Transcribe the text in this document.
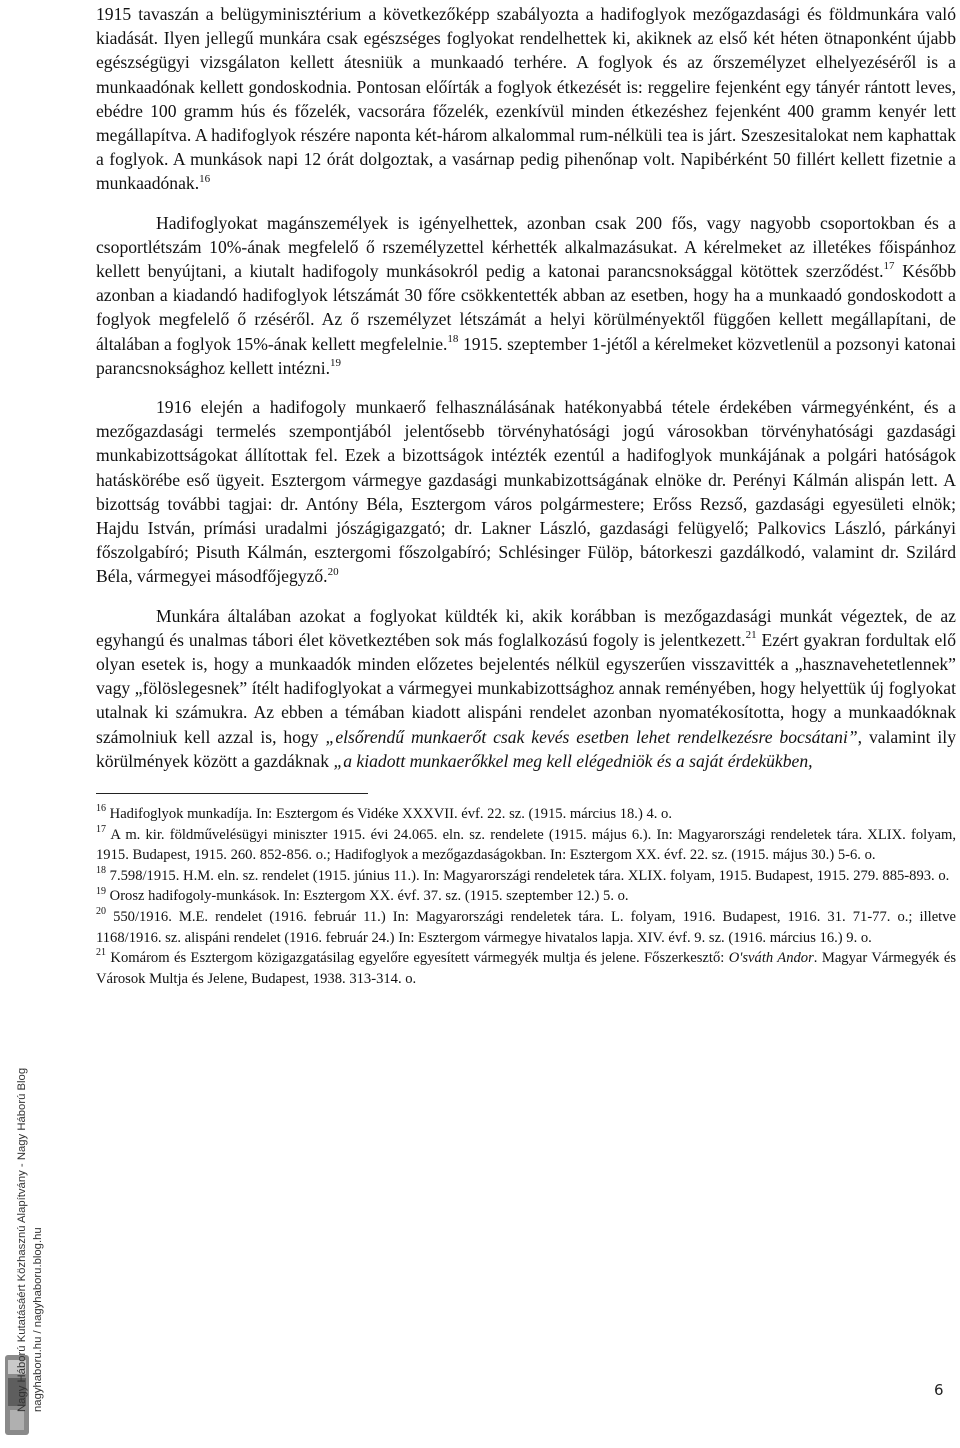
Nagy Háború Kutatásáért Közhasznú Alapítvány - Nagy Háború Blog nagyhaboru.hu / nagyhaboru.blog.hu

1915 tavaszán a belügyminisztérium a következőképp szabályozta a hadifoglyok mezőgazdasági és földmunkára való kiadását. Ilyen jellegű munkára csak egészséges foglyokat rendelhettek ki, akiknek az első két héten ötnaponként újabb egészségügyi vizsgálaton kellett átesniük a munkaadó terhére. A foglyok és az őrszemélyzet elhelyezéséről is a munkaadónak kellett gondoskodnia. Pontosan előírták a foglyok étkezését is: reggelire fejenként egy tányér rántott leves, ebédre 100 gramm hús és főzelék, vacsorára főzelék, ezenkívül minden étkezéshez fejenként 400 gramm kenyér lett megállapítva. A hadifoglyok részére naponta két-három alkalommal rum-nélküli tea is járt. Szeszesitalokat nem kaphattak a foglyok. A munkások napi 12 órát dolgoztak, a vasárnap pedig pihenőnap volt. Napibérként 50 fillért kellett fizetnie a munkaadónak.$^{16}$

Hadifoglyokat magánszemélyek is igényelhettek, azonban csak 200 fős, vagy nagyobb csoportokban és a csoportlétszám 10%-ának megfelelő ő rszemélyzettel kérhették alkalmazásukat. A kérelmeket az illetékes főispánhoz kellett benyújtani, a kiutalt hadifogoly munkásokról pedig a katonai parancsnoksággal kötöttek szerződést.$^{17}$ Később azonban a kiadandó hadifoglyok létszámát 30 főre csökkentették abban az esetben, hogy ha a munkaadó gondoskodott a foglyok megfelelő ő rzéséről. Az ő rszemélyzet létszámát a helyi körülményektől függően kellett megállapítani, de általában a foglyok 15%-ának kellett megfelelnie.$^{18}$ 1915. szeptember 1-jétől a kérelmeket közvetlenül a pozsonyi katonai parancsnoksághoz kellett intézni.$^{19}$

1916 elején a hadifogoly munkaerő felhasználásának hatékonyabbá tétele érdekében vármegyénként, és a mezőgazdasági termelés szempontjából jelentősebb törvényhatósági jogú városokban törvényhatósági gazdasági munkabizottságokat állítottak fel. Ezek a bizottságok intézték ezentúl a hadifoglyok munkájának a polgári hatóságok hatáskörébe eső ügyeit. Esztergom vármegye gazdasági munkabizottságának elnöke dr. Perényi Kálmán alispán lett. A bizottság további tagjai: dr. Antóny Béla, Esztergom város polgármestere; Erőss Rezső, gazdasági egyesületi elnök; Hajdu István, prímási uradalmi jószágigazgató; dr. Lakner László, gazdasági felügyelő; Palkovics László, párkányi főszolgabíró; Pisuth Kálmán, esztergomi főszolgabíró; Schlésinger Fülöp, bátorkeszi gazdálkodó, valamint dr. Szilárd Béla, vármegyei másodfőjegyző.$^{20}$

Munkára általában azokat a foglyokat küldték ki, akik korábban is mezőgazdasági munkát végeztek, de az egyhangú és unalmas tábori élet következtében sok más foglalkozású fogoly is jelentkezett.$^{21}$ Ezért gyakran fordultak elő olyan esetek is, hogy a munkaadók minden előzetes bejelentés nélkül egyszerűen visszavitték a „hasznavehetetlennek” vagy „fölöslegesnek” ítélt hadifoglyokat a vármegyei munkabizottsághoz annak reményében, hogy helyettük új foglyokat utalnak ki számukra. Az ebben a témában kiadott alispáni rendelet azonban nyomatékosította, hogy a munkaadóknak számolniuk kell azzal is, hogy „elsőrendű munkaerőt csak kevés esetben lehet rendelkezésre bocsátani”, valamint ily körülmények között a gazdáknak „a kiadott munkaerőkkel meg kell elégedniök és a saját érdekükben,

$^{16}$ Hadifoglyok munkadíja. In: Esztergom és Vidéke XXXVII. évf. 22. sz. (1915. március 18.) 4. o.

$^{17}$ A m. kir. földművelésügyi miniszter 1915. évi 24.065. eln. sz. rendelete (1915. május 6.). In: Magyarországi rendeletek tára. XLIX. folyam, 1915. Budapest, 1915. 260. 852-856. o.; Hadifoglyok a mezőgazdaságokban. In: Esztergom XX. évf. 22. sz. (1915. május 30.) 5-6. o.

$^{18}$ 7.598/1915. H.M. eln. sz. rendelet (1915. június 11.). In: Magyarországi rendeletek tára. XLIX. folyam, 1915. Budapest, 1915. 279. 885-893. o.

$^{19}$ Orosz hadifogoly-munkások. In: Esztergom XX. évf. 37. sz. (1915. szeptember 12.) 5. o.

$^{20}$ 550/1916. M.E. rendelet (1916. február 11.) In: Magyarországi rendeletek tára. L. folyam, 1916. Budapest, 1916. 31. 71-77. o.; illetve 1168/1916. sz. alispáni rendelet (1916. február 24.) In: Esztergom vármegye hivatalos lapja. XIV. évf. 9. sz. (1916. március 16.) 9. o.

$^{21}$ Komárom és Esztergom közigazgatásilag egyelőre egyesített vármegyék multja és jelene. Főszerkesztő: O'sváth Andor. Magyar Vármegyék és Városok Multja és Jelene, Budapest, 1938. 313-314. o.

6
